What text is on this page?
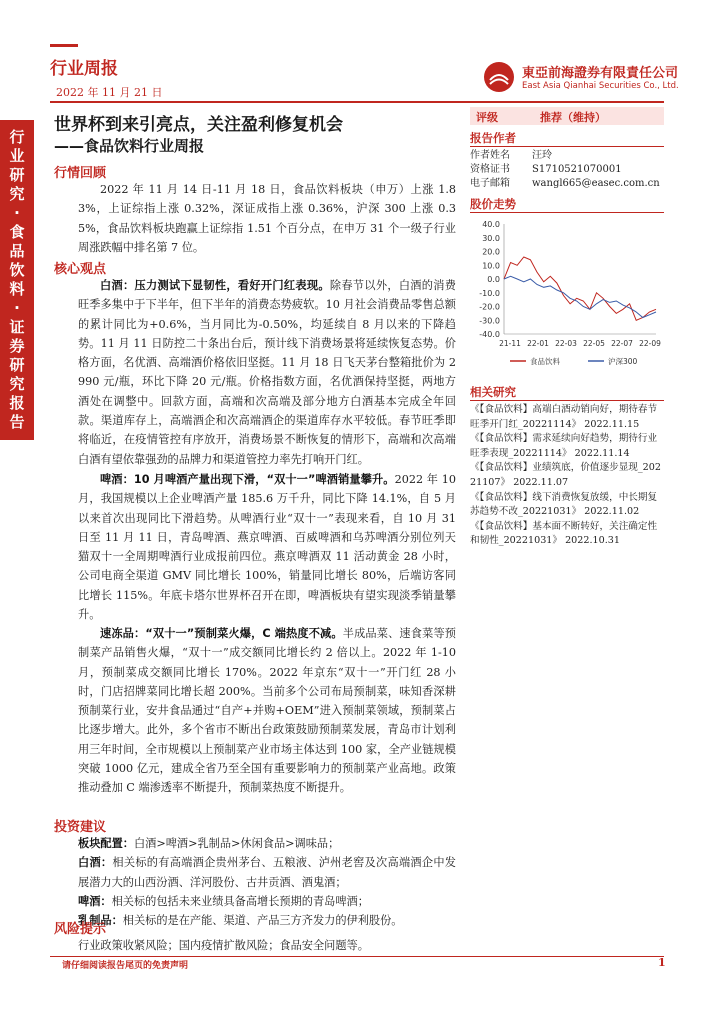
行业周报
2022 年 11 月 21 日
東亞前海證券有限責任公司
East Asia Qianhai Securities Co., Ltd.
行
业
研
究
·
食
品
饮
料
·
证
券
研
究
报
告
世界杯到来引亮点，关注盈利修复机会
——食品饮料行业周报
行情回顾

2022 年 11 月 14 日-11 月 18 日，食品饮料板块（申万）上涨 1.83%，上证综指上涨 0.32%，深证成指上涨 0.36%，沪深 300 上涨 0.35%，食品饮料板块跑赢上证综指 1.51 个百分点，在申万 31 个一级子行业周涨跌幅中排名第 7 位。

核心观点

白酒：压力测试下显韧性，看好开门红表现。除春节以外，白酒的消费旺季多集中于下半年，但下半年的消费态势疲软。10 月社会消费品零售总额的累计同比为+0.6%，当月同比为-0.50%，均延续自 8 月以来的下降趋势。11 月 11 日防控二十条出台后，预计线下消费场景将延续恢复态势。价格方面，名优酒、高端酒价格依旧坚挺。11 月 18 日飞天茅台整箱批价为 2990 元/瓶，环比下降 20 元/瓶。价格指数方面，名优酒保持坚挺，两地方酒处在调整中。回款方面，高端和次高端及部分地方白酒基本完成全年回款。渠道库存上，高端酒企和次高端酒企的渠道库存水平较低。春节旺季即将临近，在疫情管控有序放开，消费场景不断恢复的情形下，高端和次高端白酒有望依靠强劲的品牌力和渠道管控力率先打响开门红。

啤酒：10 月啤酒产量出现下滑，“双十一”啤酒销量攀升。2022 年 10 月，我国规模以上企业啤酒产量 185.6 万千升，同比下降 14.1%，自 5 月以来首次出现同比下滑趋势。从啤酒行业“双十一”表现来看，自 10 月 31 日至 11 月 11 日，青岛啤酒、燕京啤酒、百威啤酒和乌苏啤酒分别位列天猫双十一全周期啤酒行业成报前四位。燕京啤酒双 11 活动黄金 28 小时，公司电商全渠道 GMV 同比增长 100%，销量同比增长 80%，后端访客同比增长 115%。年底卡塔尔世界杯召开在即，啤酒板块有望实现淡季销量攀升。

速冻品：“双十一”预制菜火爆，C 端热度不减。半成品菜、速食菜等预制菜产品销售火爆，“双十一”成交额同比增长约 2 倍以上。2022 年 1-10 月，预制菜成交额同比增长 170%。2022 年京东“双十一”开门红 28 小时，门店招牌菜同比增长超 200%。当前多个公司布局预制菜，味知香深耕预制菜行业，安井食品通过“自产+并购+OEM”进入预制菜领域，预制菜占比逐步增大。此外，多个省市不断出台政策鼓励预制菜发展，青岛市计划利用三年时间，全市规模以上预制菜产业市场主体达到 100 家，全产业链规模突破 1000 亿元，建成全省乃至全国有重要影响力的预制菜产业高地。政策推动叠加 C 端渗透率不断提升，预制菜热度不断提升。

投资建议

板块配置：白酒>啤酒>乳制品>休闲食品>调味品；

白酒：相关标的有高端酒企贵州茅台、五粮液、泸州老窖及次高端酒企中发展潜力大的山西汾酒、洋河股份、古井贡酒、酒鬼酒；

啤酒：相关标的包括未来业绩具备高增长预期的青岛啤酒；

乳制品：相关标的是在产能、渠道、产品三方齐发力的伊利股份。

风险提示

行业政策收紧风险；国内疫情扩散风险；食品安全问题等。

评级	推荐（维持）
报告作者
作者姓名 汪玲
资格证书 S1710521070001
电子邮箱 wangl665@easec.com.cn
股价走势
40.0
30.0
20.0
10.0
0.0
-10.0
-20.0
-30.0
-40.0
21-11 22-01 22-03 22-05 22-07 22-09
食品饮料	沪深300
相关研究
《【食品饮料】高端白酒动销向好，期待春节旺季开门红_20221114》 2022.11.15
《【食品饮料】需求延续向好趋势，期待行业旺季表现_20221114》 2022.11.14
《【食品饮料】业绩筑底，价值逐步显现_20221107》 2022.11.07
《【食品饮料】线下消费恢复放缓，中长期复苏趋势不改_20221031》 2022.11.02
《【食品饮料】基本面不断转好，关注确定性和韧性_20221031》 2022.10.31
请仔细阅读报告尾页的免责声明	1
